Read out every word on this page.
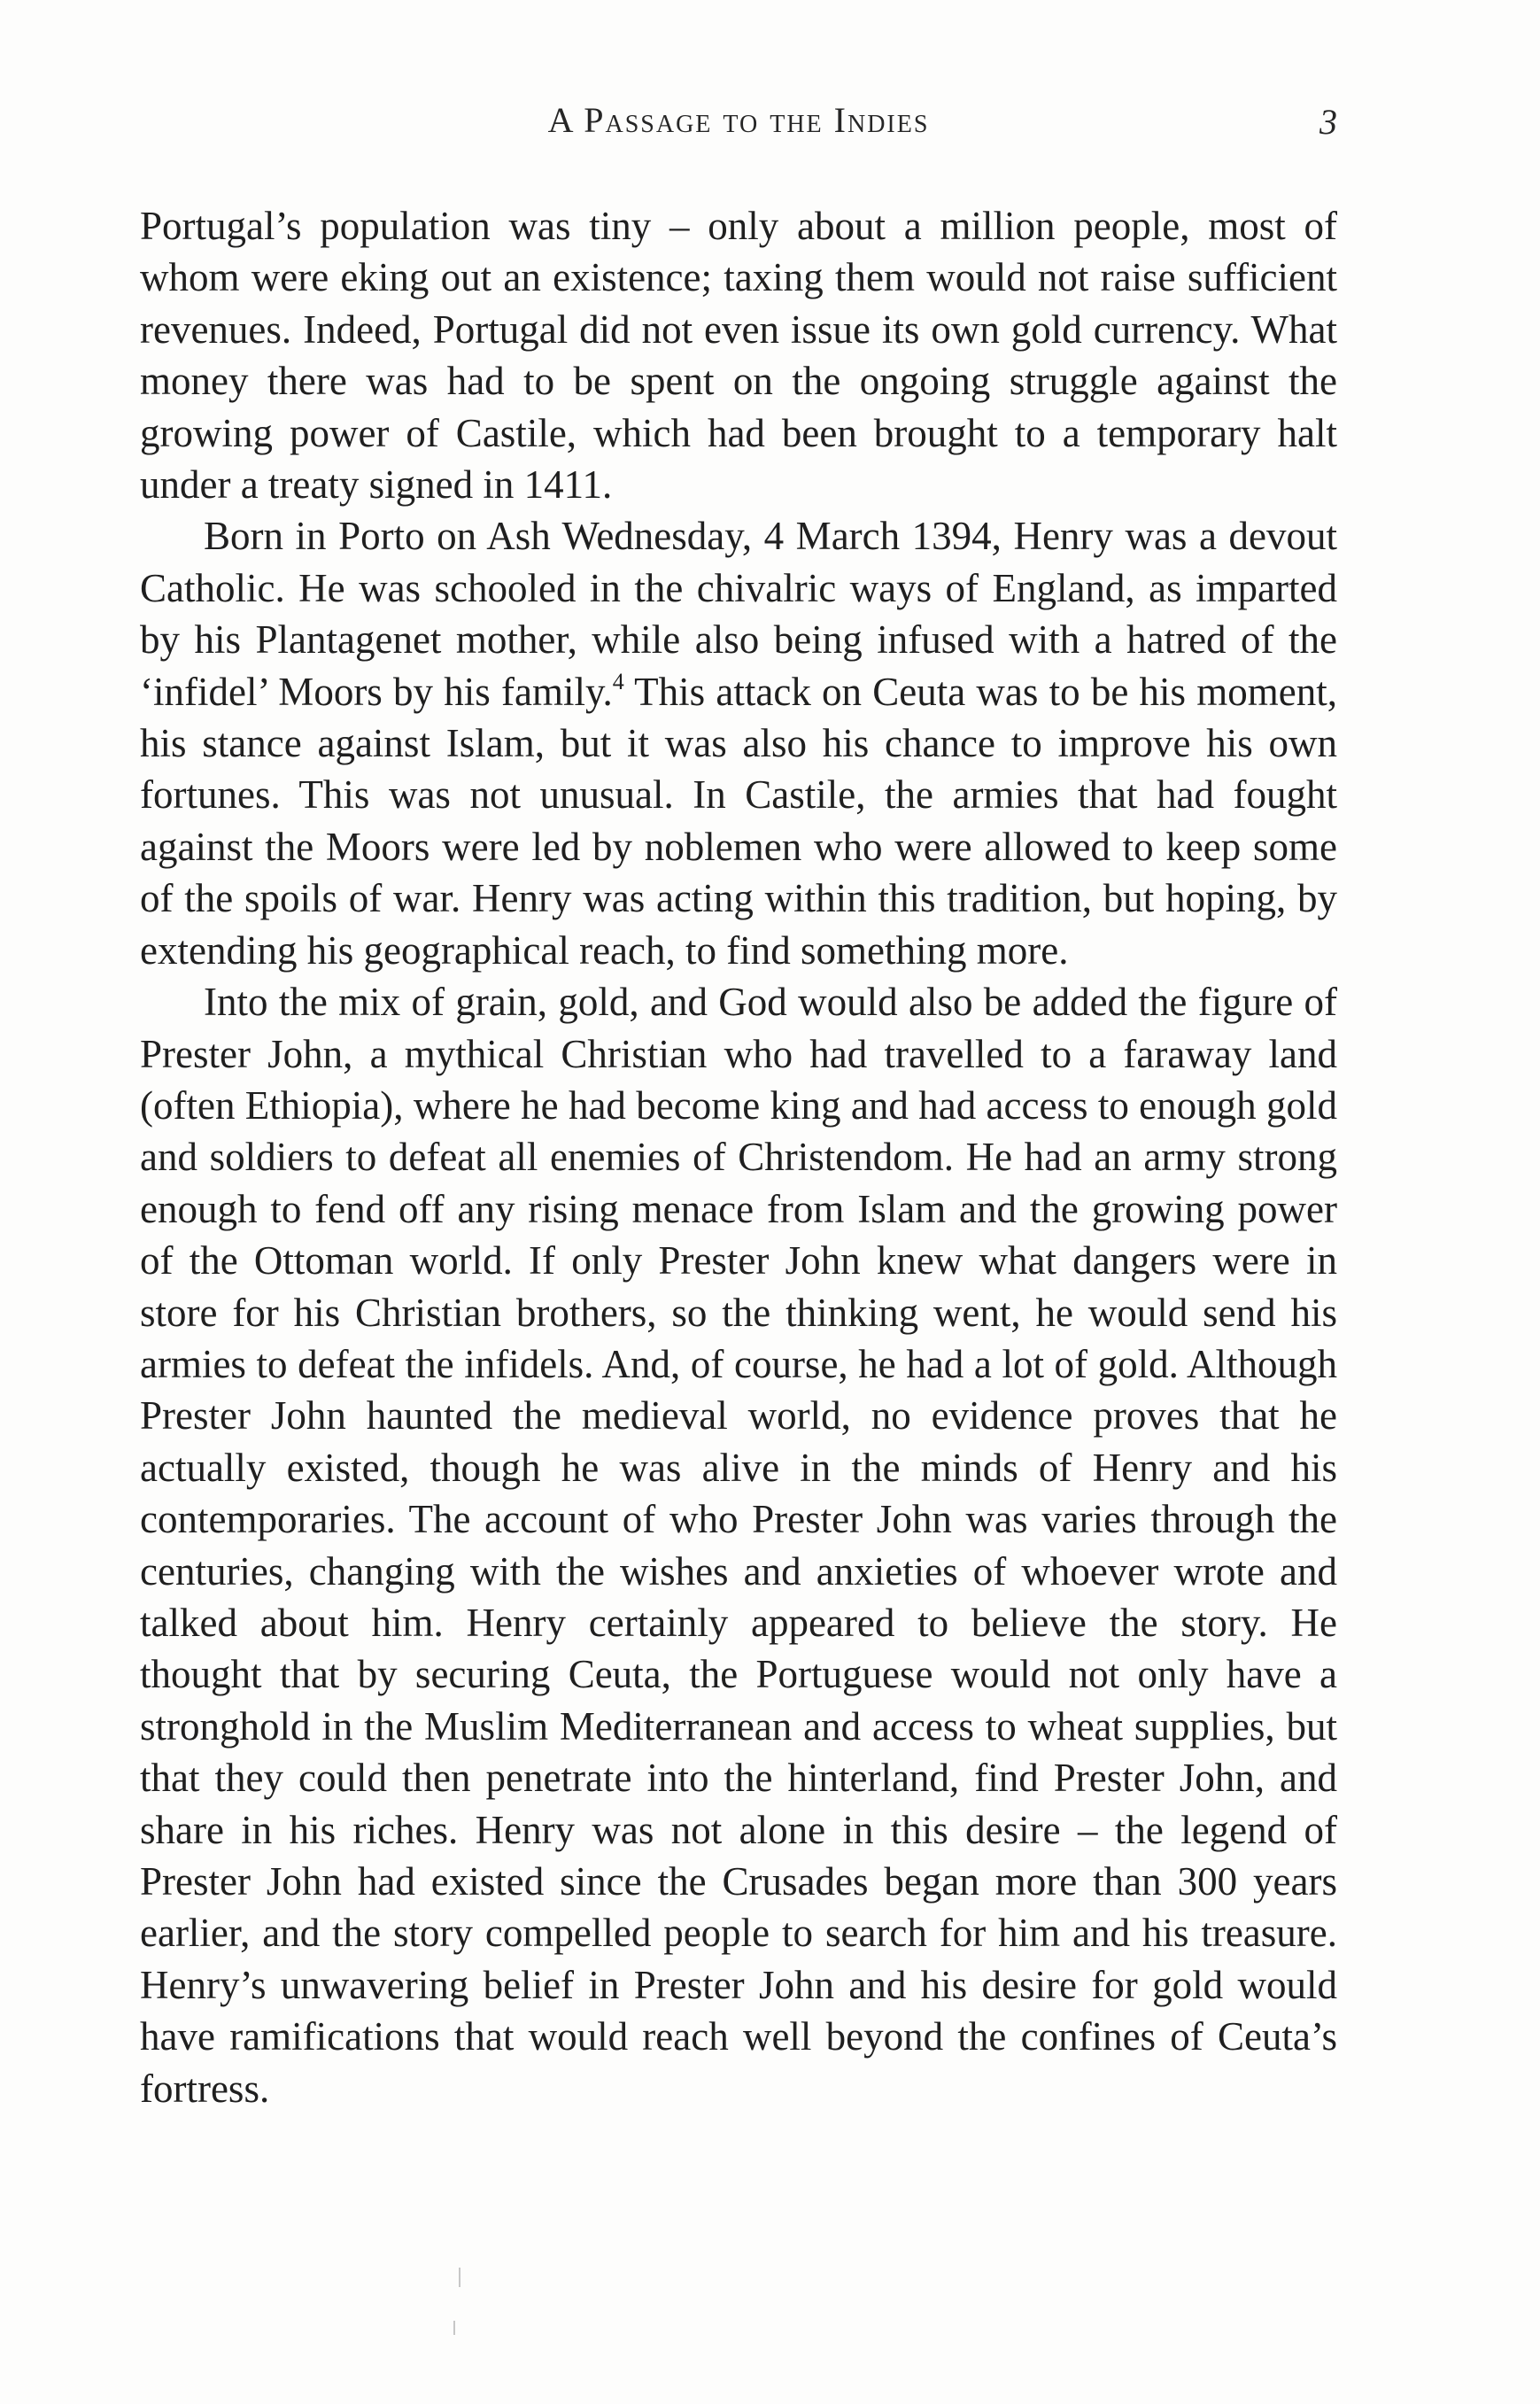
A Passage to the Indies	3

Portugal’s population was tiny – only about a million people, most of whom were eking out an existence; taxing them would not raise sufficient revenues. Indeed, Portugal did not even issue its own gold currency. What money there was had to be spent on the ongoing struggle against the growing power of Castile, which had been brought to a temporary halt under a treaty signed in 1411.

Born in Porto on Ash Wednesday, 4 March 1394, Henry was a devout Catholic. He was schooled in the chivalric ways of England, as imparted by his Plantagenet mother, while also being infused with a hatred of the ‘infidel’ Moors by his family.$^4$ This attack on Ceuta was to be his moment, his stance against Islam, but it was also his chance to improve his own fortunes. This was not unusual. In Castile, the armies that had fought against the Moors were led by noblemen who were allowed to keep some of the spoils of war. Henry was acting within this tradition, but hoping, by extending his geographical reach, to find something more.

Into the mix of grain, gold, and God would also be added the figure of Prester John, a mythical Christian who had travelled to a faraway land (often Ethiopia), where he had become king and had access to enough gold and soldiers to defeat all enemies of Christendom. He had an army strong enough to fend off any rising menace from Islam and the growing power of the Ottoman world. If only Prester John knew what dangers were in store for his Christian brothers, so the thinking went, he would send his armies to defeat the infidels. And, of course, he had a lot of gold. Although Prester John haunted the medieval world, no evidence proves that he actually existed, though he was alive in the minds of Henry and his contemporaries. The account of who Prester John was varies through the centuries, changing with the wishes and anxieties of whoever wrote and talked about him. Henry certainly appeared to believe the story. He thought that by securing Ceuta, the Portuguese would not only have a stronghold in the Muslim Mediterranean and access to wheat supplies, but that they could then penetrate into the hinterland, find Prester John, and share in his riches. Henry was not alone in this desire – the legend of Prester John had existed since the Crusades began more than 300 years earlier, and the story compelled people to search for him and his treasure. Henry’s unwavering belief in Prester John and his desire for gold would have ramifications that would reach well beyond the confines of Ceuta’s fortress.
